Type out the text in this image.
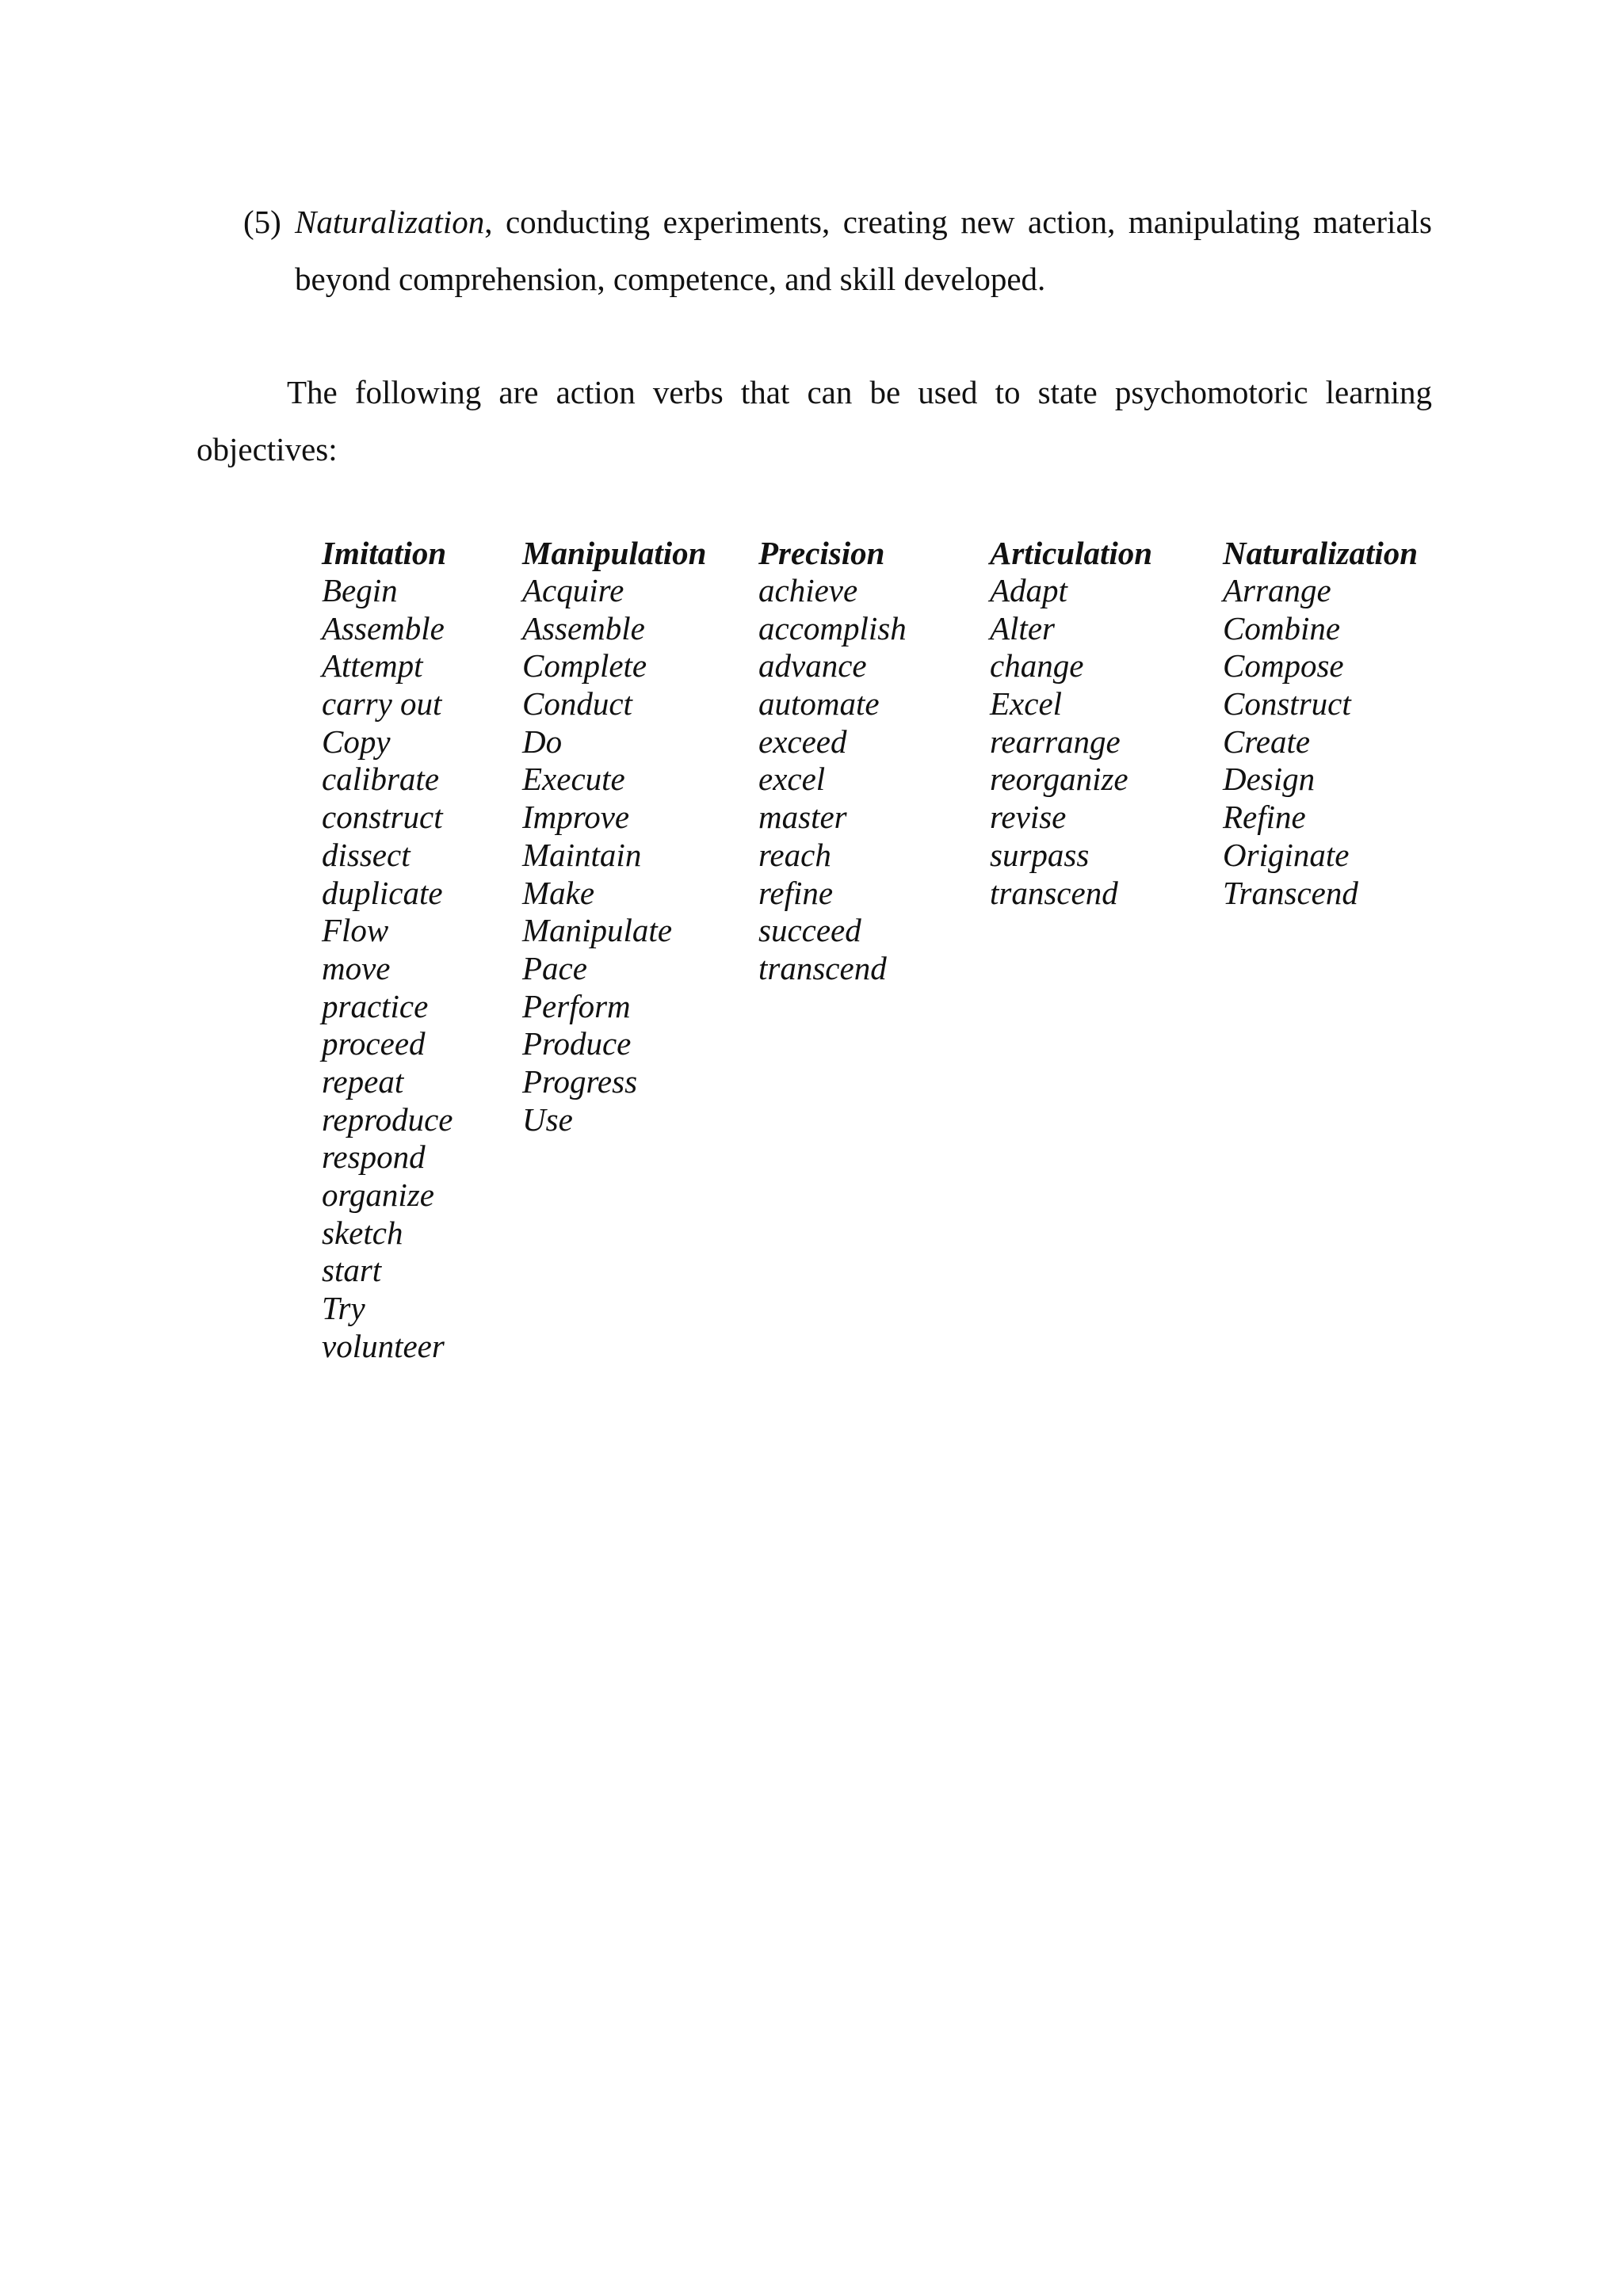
(5) Naturalization, conducting experiments, creating new action, manipulating materials beyond comprehension, competence, and skill developed.
The following are action verbs that can be used to state psychomotoric learning objectives:
Imitation
Begin
Assemble
Attempt
carry out
Copy
calibrate
construct
dissect
duplicate
Flow
move
practice
proceed
repeat
reproduce
respond
organize
sketch
start
Try
volunteer
Manipulation
Acquire
Assemble
Complete
Conduct
Do
Execute
Improve
Maintain
Make
Manipulate
Pace
Perform
Produce
Progress
Use
Precision
achieve
accomplish
advance
automate
exceed
excel
master
reach
refine
succeed
transcend
Articulation
Adapt
Alter
change
Excel
rearrange
reorganize
revise
surpass
transcend
Naturalization
Arrange
Combine
Compose
Construct
Create
Design
Refine
Originate
Transcend
